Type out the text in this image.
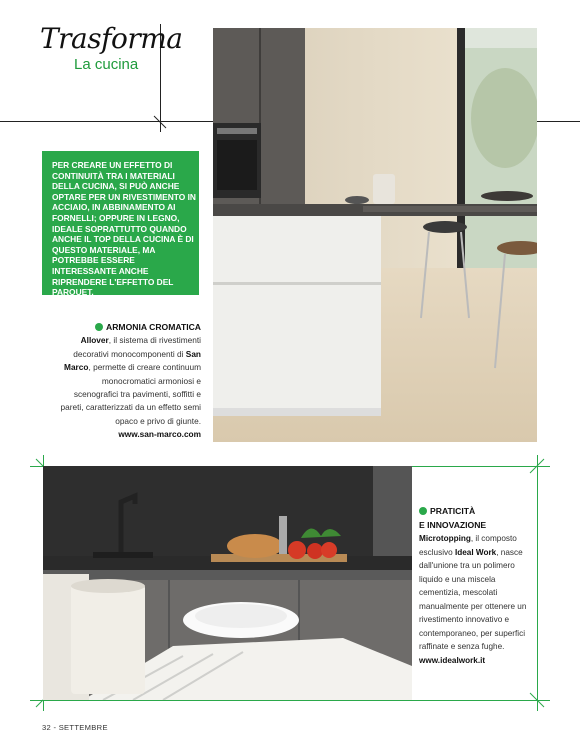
Trasforma
La cucina
PER CREARE UN EFFETTO DI CONTINUITÀ TRA I MATERIALI DELLA CUCINA, SI PUÒ ANCHE OPTARE PER UN RIVESTIMENTO IN ACCIAIO, IN ABBINAMENTO AI FORNELLI; OPPURE IN LEGNO, IDEALE SOPRATTUTTO QUANDO ANCHE IL TOP DELLA CUCINA È DI QUESTO MATERIALE, MA POTREBBE ESSERE INTERESSANTE ANCHE RIPRENDERE L'EFFETTO DEL PARQUET.
ARMONIA CROMATICA
Allover, il sistema di rivestimenti decorativi monocomponenti di San Marco, permette di creare continuum monocromatici armoniosi e scenografici tra pavimenti, soffitti e pareti, caratterizzati da un effetto semi opaco e privo di giunte.
www.san-marco.com
PRATICITÀ
E INNOVAZIONE
Microtopping, il composto esclusivo Ideal Work, nasce dall'unione tra un polimero liquido e una miscela cementizia, mescolati manualmente per ottenere un rivestimento innovativo e contemporaneo, per superfici raffinate e senza fughe.
www.idealwork.it
32 - SETTEMBRE
